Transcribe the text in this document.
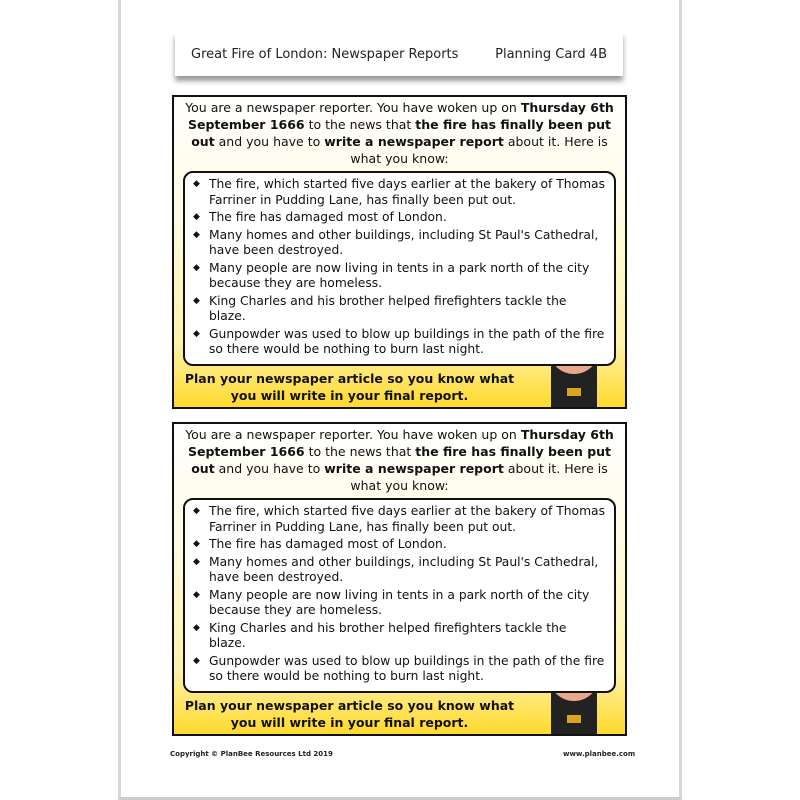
Great Fire of London: Newspaper Reports	Planning Card 4B
You are a newspaper reporter. You have woken up on Thursday 6th September 1666 to the news that the fire has finally been put out and you have to write a newspaper report about it. Here is what you know:
◆ The fire, which started five days earlier at the bakery of Thomas Farriner in Pudding Lane, has finally been put out.
◆ The fire has damaged most of London.
◆ Many homes and other buildings, including St Paul's Cathedral, have been destroyed.
◆ Many people are now living in tents in a park north of the city because they are homeless.
◆ King Charles and his brother helped firefighters tackle the blaze.
◆ Gunpowder was used to blow up buildings in the path of the fire so there would be nothing to burn last night.
Plan your newspaper article so you know what you will write in your final report.
You are a newspaper reporter. You have woken up on Thursday 6th September 1666 to the news that the fire has finally been put out and you have to write a newspaper report about it. Here is what you know:
◆ The fire, which started five days earlier at the bakery of Thomas Farriner in Pudding Lane, has finally been put out.
◆ The fire has damaged most of London.
◆ Many homes and other buildings, including St Paul's Cathedral, have been destroyed.
◆ Many people are now living in tents in a park north of the city because they are homeless.
◆ King Charles and his brother helped firefighters tackle the blaze.
◆ Gunpowder was used to blow up buildings in the path of the fire so there would be nothing to burn last night.
Plan your newspaper article so you know what you will write in your final report.
Copyright © PlanBee Resources Ltd 2019	www.planbee.com
